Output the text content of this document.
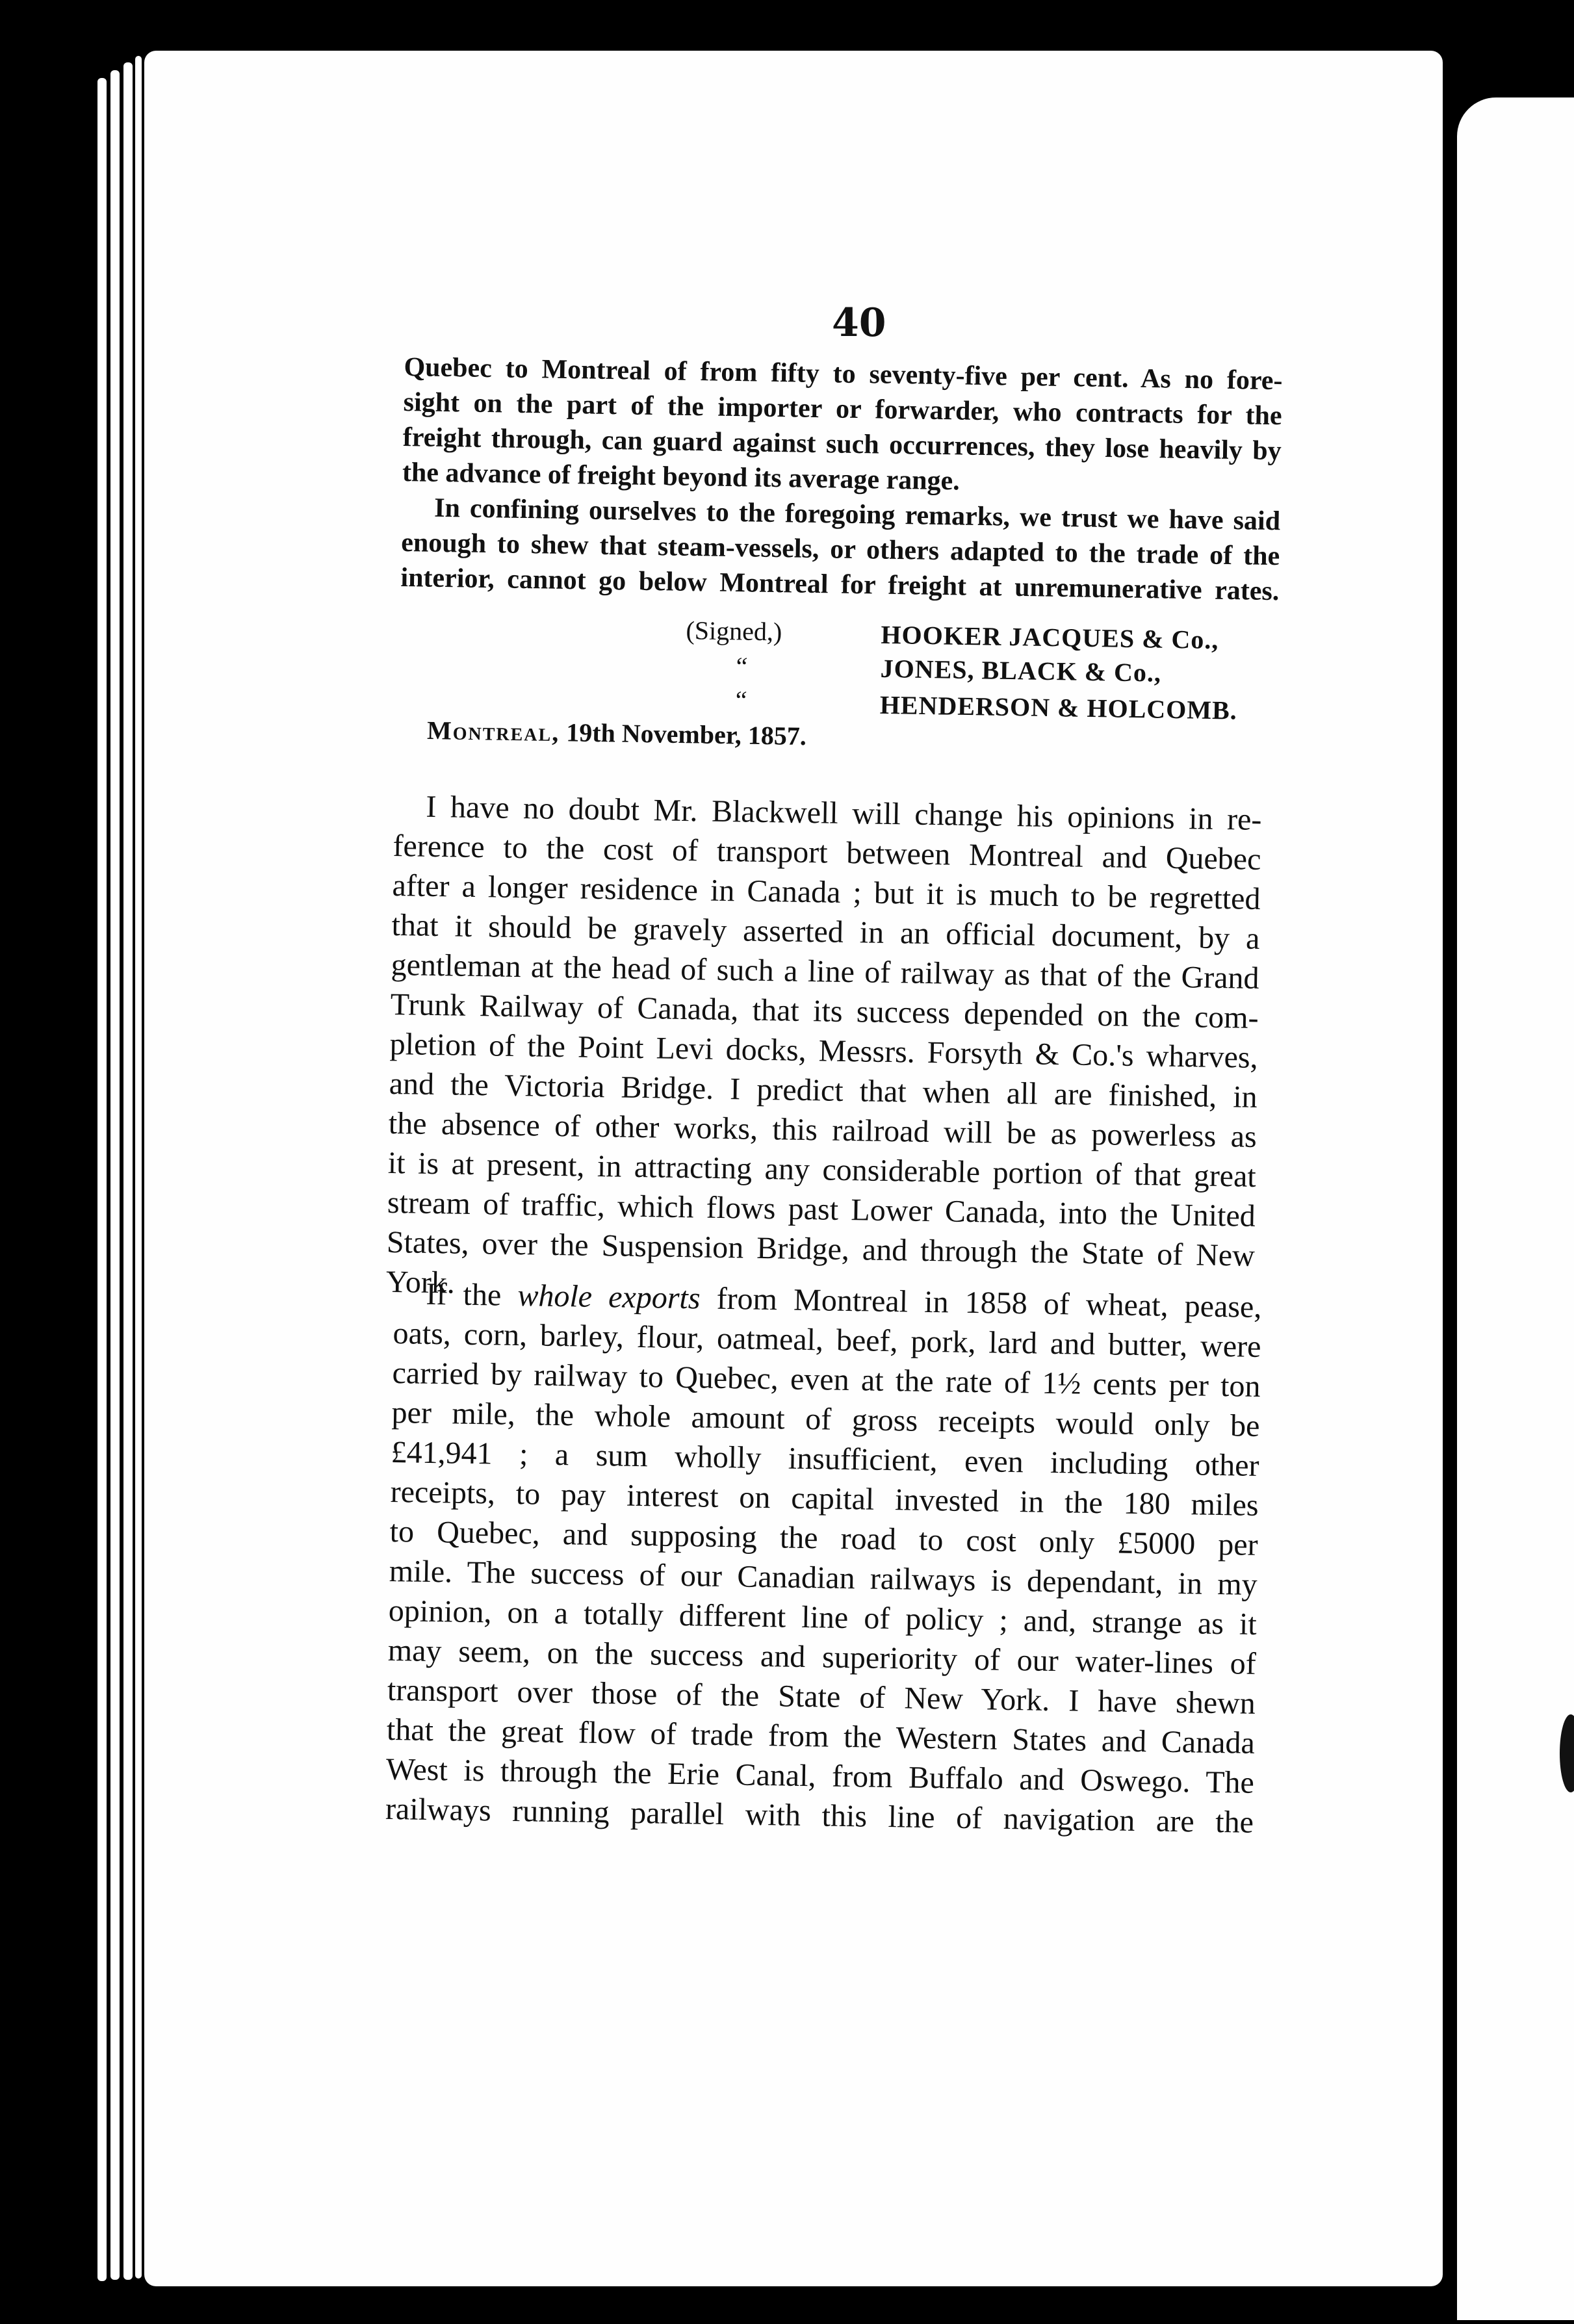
40
Quebec to Montreal of from fifty to seventy-five per cent. As no fore-
sight on the part of the importer or forwarder, who contracts for the
freight through, can guard against such occurrences, they lose heavily by
the advance of freight beyond its average range.
In confining ourselves to the foregoing remarks, we trust we have said
enough to shew that steam-vessels, or others adapted to the trade of the
interior, cannot go below Montreal for freight at unremunerative rates.
(Signed,)
“
“
HOOKER JACQUES & Co.,
JONES, BLACK & Co.,
HENDERSON & HOLCOMB.
Montreal, 19th November, 1857.
I have no doubt Mr. Blackwell will change his opinions in re-
ference to the cost of transport between Montreal and Quebec
after a longer residence in Canada ; but it is much to be regretted
that it should be gravely asserted in an official document, by a
gentleman at the head of such a line of railway as that of the Grand
Trunk Railway of Canada, that its success depended on the com-
pletion of the Point Levi docks, Messrs. Forsyth & Co.'s wharves,
and the Victoria Bridge. I predict that when all are finished, in
the absence of other works, this railroad will be as powerless as
it is at present, in attracting any considerable portion of that great
stream of traffic, which flows past Lower Canada, into the United
States, over the Suspension Bridge, and through the State of New
York.
If the whole exports from Montreal in 1858 of wheat, pease,
oats, corn, barley, flour, oatmeal, beef, pork, lard and butter, were
carried by railway to Quebec, even at the rate of 1½ cents per ton
per mile, the whole amount of gross receipts would only be
£41,941 ; a sum wholly insufficient, even including other
receipts, to pay interest on capital invested in the 180 miles
to Quebec, and supposing the road to cost only £5000 per
mile. The success of our Canadian railways is dependant, in my
opinion, on a totally different line of policy ; and, strange as it
may seem, on the success and superiority of our water-lines of
transport over those of the State of New York. I have shewn
that the great flow of trade from the Western States and Canada
West is through the Erie Canal, from Buffalo and Oswego. The
railways running parallel with this line of navigation are the
